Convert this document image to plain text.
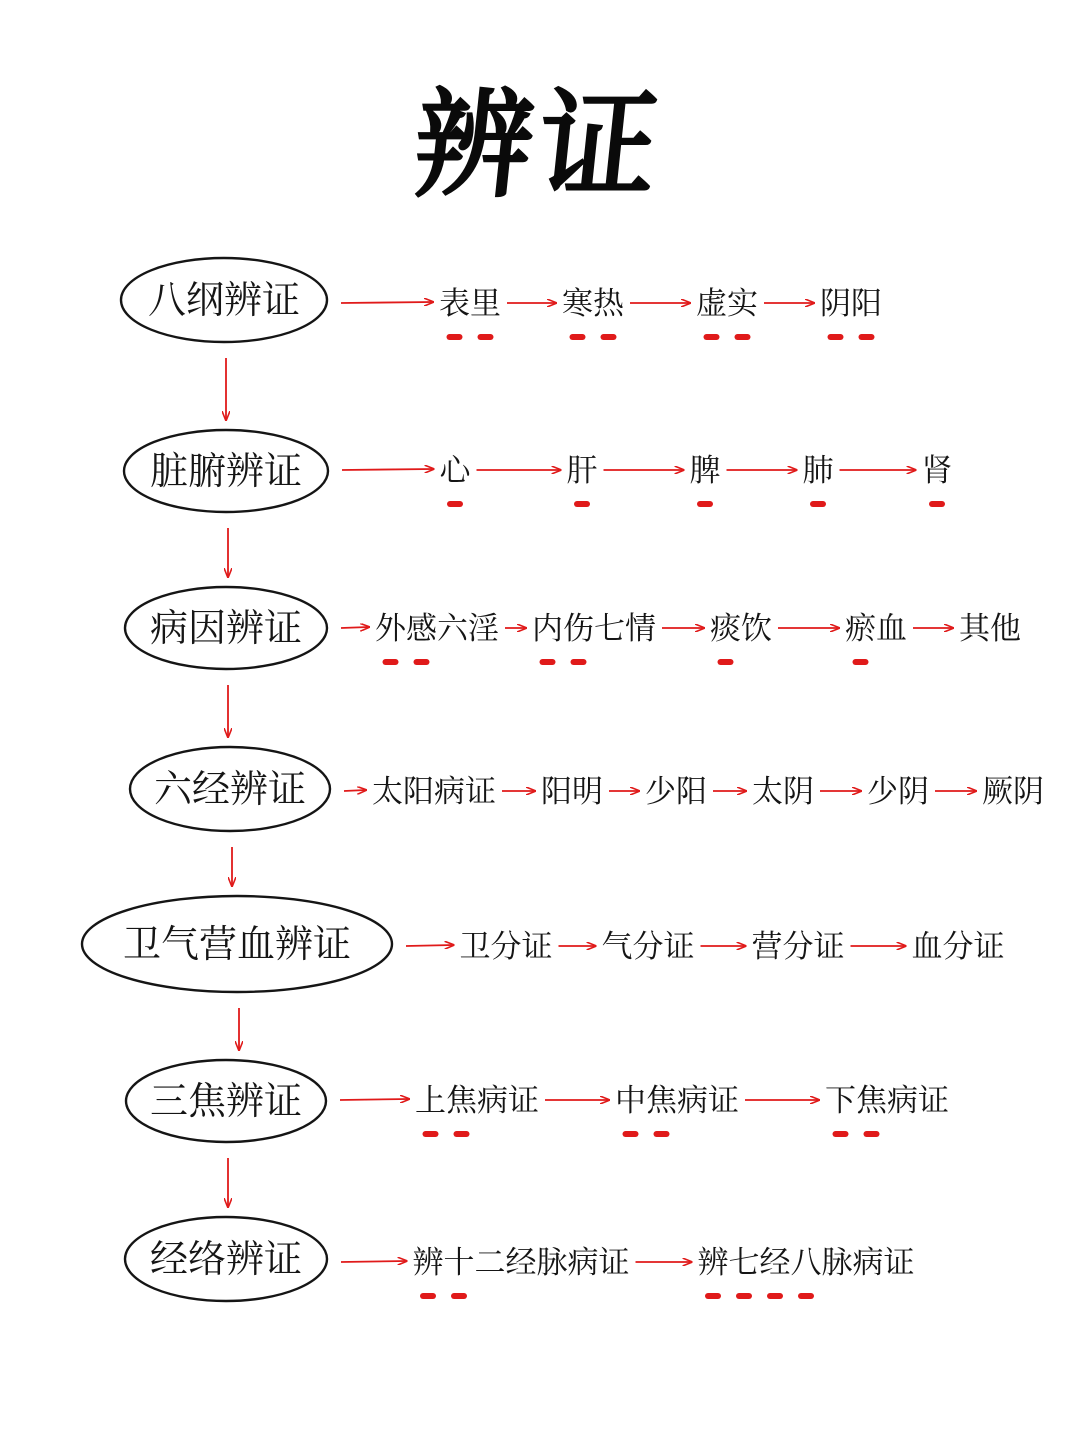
辨证
八纲辨证	表里 寒热 虚实 阴阳
脏腑辨证	心	肝	脾	肺	肾
病因辨证 外感六淫 内伤七情 痰饮 瘀血 其他
六经辨证 太阳病证 阳明 少阳 太阴 少阴 厥阴
卫气营血辨证	卫分证 气分证 营分证 血分证
三焦辨证	上焦病证 中焦病证	下焦病证
经络辨证	辨十二经脉病证 辨七经八脉病证
